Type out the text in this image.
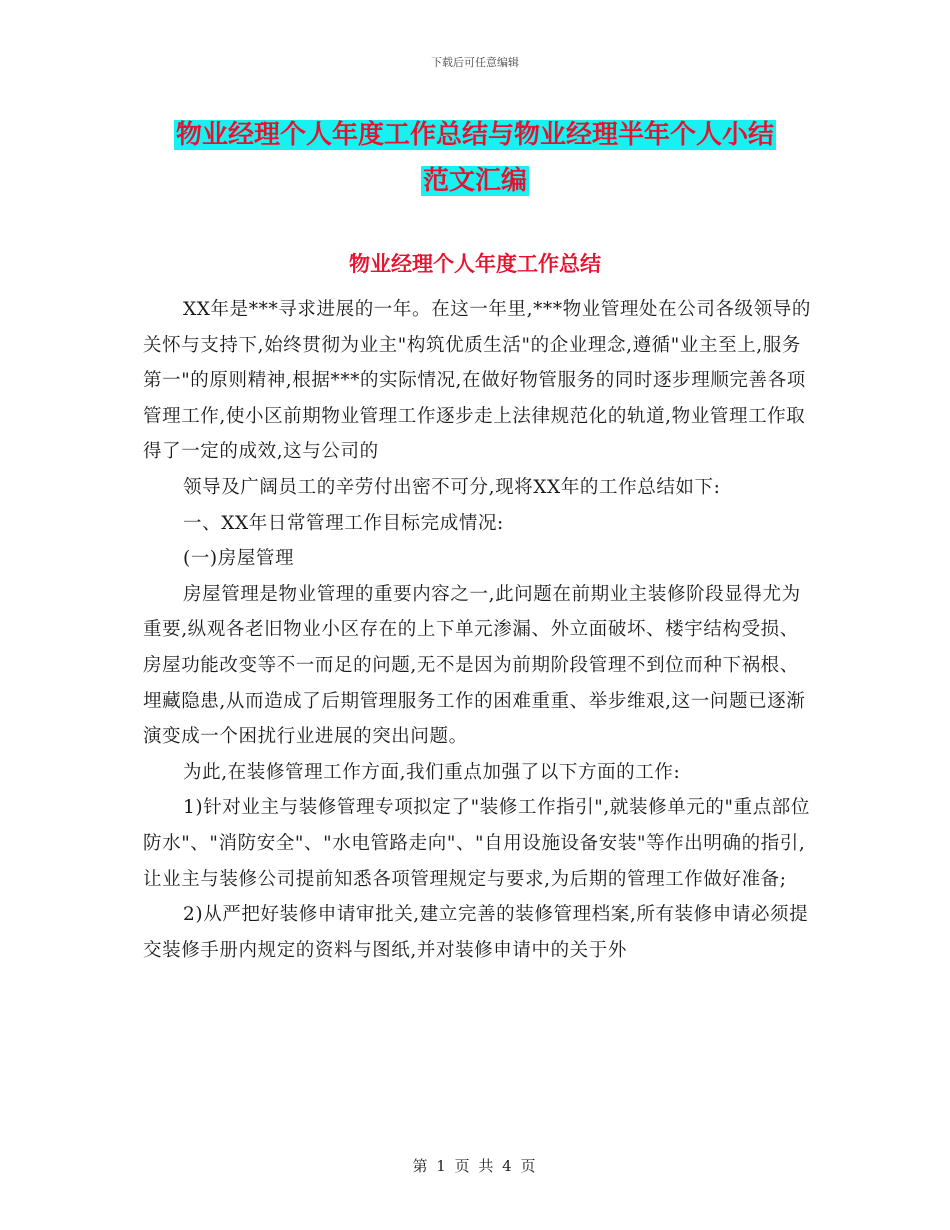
下载后可任意编辑
物业经理个人年度工作总结与物业经理半年个人小结
范文汇编
物业经理个人年度工作总结

XX年是***寻求进展的一年。在这一年里,***物业管理处在公司各级领导的关怀与支持下,始终贯彻为业主"构筑优质生活"的企业理念,遵循"业主至上,服务第一"的原则精神,根据***的实际情况,在做好物管服务的同时逐步理顺完善各项管理工作,使小区前期物业管理工作逐步走上法律规范化的轨道,物业管理工作取得了一定的成效,这与公司的

领导及广阔员工的辛劳付出密不可分,现将XX年的工作总结如下:

一、XX年日常管理工作目标完成情况:

(一)房屋管理

房屋管理是物业管理的重要内容之一,此问题在前期业主装修阶段显得尤为重要,纵观各老旧物业小区存在的上下单元渗漏、外立面破坏、楼宇结构受损、房屋功能改变等不一而足的问题,无不是因为前期阶段管理不到位而种下祸根、埋藏隐患,从而造成了后期管理服务工作的困难重重、举步维艰,这一问题已逐渐演变成一个困扰行业进展的突出问题。

为此,在装修管理工作方面,我们重点加强了以下方面的工作:

1)针对业主与装修管理专项拟定了"装修工作指引",就装修单元的"重点部位防水"、"消防安全"、"水电管路走向"、"自用设施设备安装"等作出明确的指引,让业主与装修公司提前知悉各项管理规定与要求,为后期的管理工作做好准备;

2)从严把好装修申请审批关,建立完善的装修管理档案,所有装修申请必须提交装修手册内规定的资料与图纸,并对装修申请中的关于外

第 1 页 共 4 页
